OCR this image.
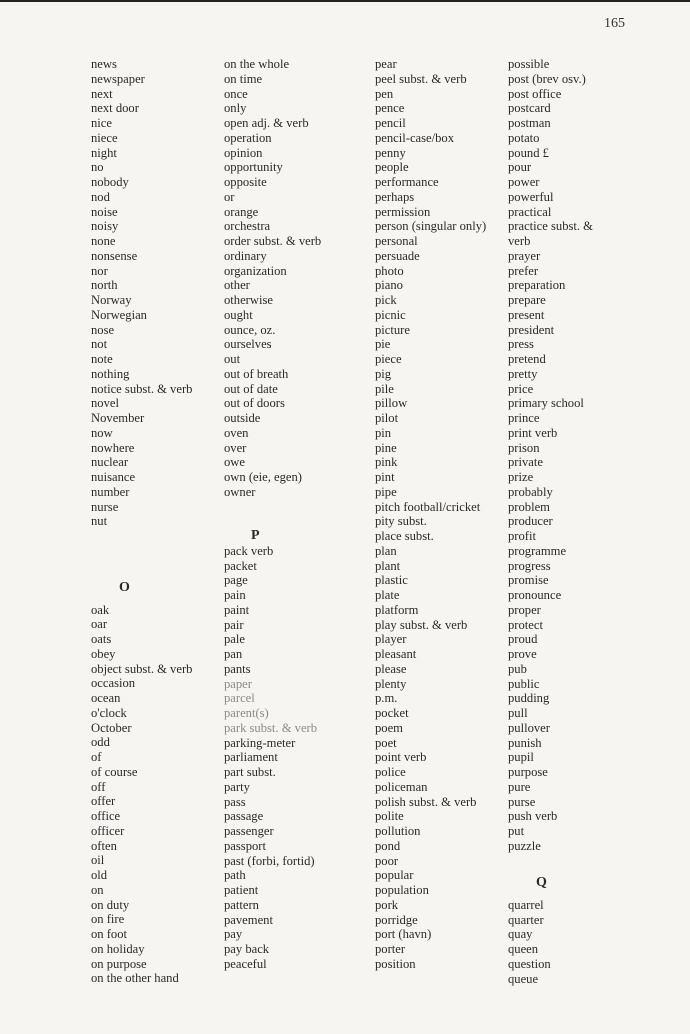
165
news
newspaper
next
next door
nice
niece
night
no
nobody
nod
noise
noisy
none
nonsense
nor
north
Norway
Norwegian
nose
not
note
nothing
notice subst. & verb
novel
November
now
nowhere
nuclear
nuisance
number
nurse
nut
O
oak
oar
oats
obey
object subst. & verb
occasion
ocean
o'clock
October
odd
of
of course
off
offer
office
officer
often
oil
old
on
on duty
on fire
on foot
on holiday
on purpose
on the other hand
on the whole
on time
once
only
open adj. & verb
operation
opinion
opportunity
opposite
or
orange
orchestra
order subst. & verb
ordinary
organization
other
otherwise
ought
ounce, oz.
ourselves
out
out of breath
out of date
out of doors
outside
oven
over
owe
own (eie, egen)
owner
P
pack verb
packet
page
pain
paint
pair
pale
pan
pants
paper
parcel
parent(s)
park subst. & verb
parking-meter
parliament
part subst.
party
pass
passage
passenger
passport
past (forbi, fortid)
path
patient
pattern
pavement
pay
pay back
peaceful
pear
peel subst. & verb
pen
pence
pencil
pencil-case/box
penny
people
performance
perhaps
permission
person (singular only)
personal
persuade
photo
piano
pick
picnic
picture
pie
piece
pig
pile
pillow
pilot
pin
pine
pink
pint
pipe
pitch football/cricket
pity subst.
place subst.
plan
plant
plastic
plate
platform
play subst. & verb
player
pleasant
please
plenty
p.m.
pocket
poem
poet
point verb
police
policeman
polish subst. & verb
polite
pollution
pond
poor
popular
population
pork
porridge
port (havn)
porter
position
possible
post (brev osv.)
post office
postcard
postman
potato
pound £
pour
power
powerful
practical
practice subst. &
verb
prayer
prefer
preparation
prepare
present
president
press
pretend
pretty
price
primary school
prince
print verb
prison
private
prize
probably
problem
producer
profit
programme
progress
promise
pronounce
proper
protect
proud
prove
pub
public
pudding
pull
pullover
punish
pupil
purpose
pure
purse
push verb
put
puzzle
Q
quarrel
quarter
quay
queen
question
queue
